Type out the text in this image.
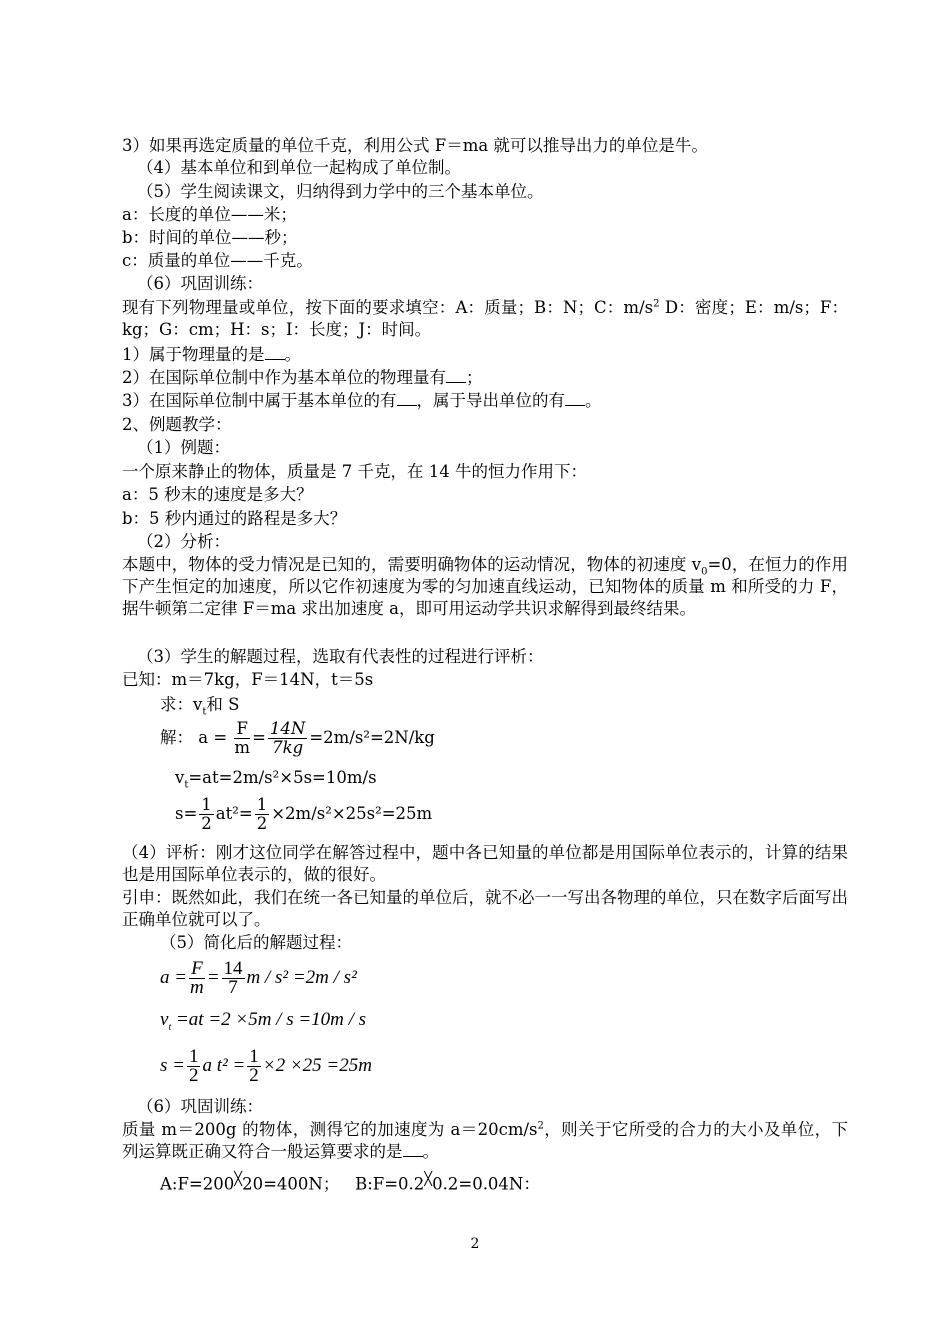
3）如果再选定质量的单位千克，利用公式 F＝ma 就可以推导出力的单位是牛。
（4）基本单位和到单位一起构成了单位制。
（5）学生阅读课文，归纳得到力学中的三个基本单位。
a：长度的单位——米；
b：时间的单位——秒；
c：质量的单位——千克。
（6）巩固训练：
现有下列物理量或单位，按下面的要求填空：A：质量；B：N；C：$m/s^2$ D：密度；E：m/s；F：kg；G：cm；H：s；I：长度；J：时间。
1）属于物理量的是 。
2）在国际单位制中作为基本单位的物理量有 ；
3）在国际单位制中属于基本单位的有 ，属于导出单位的有 。
2、例题教学：
（1）例题：
一个原来静止的物体，质量是 7 千克，在 14 牛的恒力作用下：
a：5 秒末的速度是多大？
b：5 秒内通过的路程是多大？
（2）分析：
本题中，物体的受力情况是已知的，需要明确物体的运动情况，物体的初速度 $v_0=0$，在恒力的作用下产生恒定的加速度，所以它作初速度为零的匀加速直线运动，已知物体的质量 m 和所受的力 F，据牛顿第二定律 F＝ma 求出加速度 a，即可用运动学共识求解得到最终结果。
（3）学生的解题过程，选取有代表性的过程进行评析：
已知：m＝7kg，F＝14N，t＝5s
求：$v_t$和 S
解： $a = \frac{F}{m} = \frac{14N}{7kg} =2m/s^2=2N/kg$
$v_t=at=2m/s^2\times 5s=10m/s$
$s= \frac{1}{2} at^2= \frac{1}{2} \times 2m/s^2\times 25s^2=25m$
（4）评析：刚才这位同学在解答过程中，题中各已知量的单位都是用国际单位表示的，计算的结果也是用国际单位表示的，做的很好。
引申：既然如此，我们在统一各已知量的单位后，就不必一一写出各物理的单位，只在数字后面写出正确单位就可以了。
（5）简化后的解题过程：
$a = \frac{F}{m} = \frac{14}{7}$ m / s² =2m / s²
$v_t =at =2 \times 5m / s =10m / s$
$s = \frac{1}{2}$ a $t^2 = \frac{1}{2} \times 2 \times 25 =25m$
（6）巩固训练：
质量 m＝200g 的物体，测得它的加速度为 $a=20cm/s^2$，则关于它所受的合力的大小及单位，下列运算既正确又符合一般运算要求的是 。
A:F=200╳20=400N； B:F=0.2╳0.2=0.04N：
2
